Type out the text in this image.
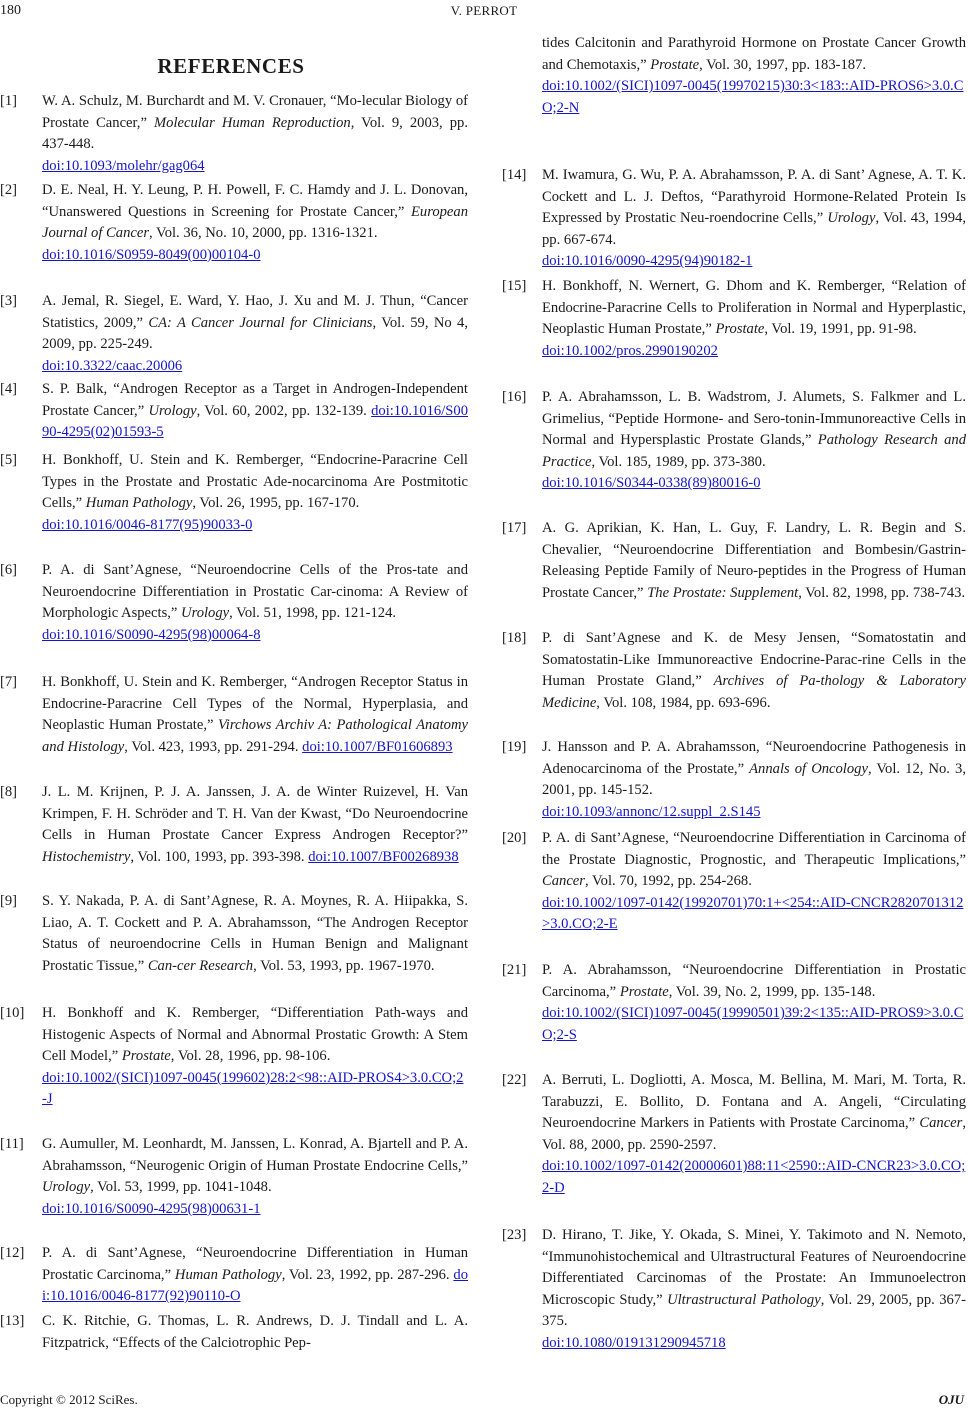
180	V. PERROT
REFERENCES
[1] W. A. Schulz, M. Burchardt and M. V. Cronauer, “Mo-lecular Biology of Prostate Cancer,” Molecular Human Reproduction, Vol. 9, 2003, pp. 437-448.
doi:10.1093/molehr/gag064
[2] D. E. Neal, H. Y. Leung, P. H. Powell, F. C. Hamdy and J. L. Donovan, “Unanswered Questions in Screening for Prostate Cancer,” European Journal of Cancer, Vol. 36, No. 10, 2000, pp. 1316-1321.
doi:10.1016/S0959-8049(00)00104-0
[3] A. Jemal, R. Siegel, E. Ward, Y. Hao, J. Xu and M. J. Thun, “Cancer Statistics, 2009,” CA: A Cancer Journal for Clinicians, Vol. 59, No 4, 2009, pp. 225-249.
doi:10.3322/caac.20006
[4] S. P. Balk, “Androgen Receptor as a Target in Androgen-Independent Prostate Cancer,” Urology, Vol. 60, 2002, pp. 132-139. doi:10.1016/S0090-4295(02)01593-5
[5] H. Bonkhoff, U. Stein and K. Remberger, “Endocrine-Paracrine Cell Types in the Prostate and Prostatic Ade-nocarcinoma Are Postmitotic Cells,” Human Pathology, Vol. 26, 1995, pp. 167-170.
doi:10.1016/0046-8177(95)90033-0
[6] P. A. di Sant’Agnese, “Neuroendocrine Cells of the Pros-tate and Neuroendocrine Differentiation in Prostatic Car-cinoma: A Review of Morphologic Aspects,” Urology, Vol. 51, 1998, pp. 121-124.
doi:10.1016/S0090-4295(98)00064-8
[7] H. Bonkhoff, U. Stein and K. Remberger, “Androgen Receptor Status in Endocrine-Paracrine Cell Types of the Normal, Hyperplasia, and Neoplastic Human Prostate,” Virchows Archiv A: Pathological Anatomy and Histology, Vol. 423, 1993, pp. 291-294. doi:10.1007/BF01606893
[8] J. L. M. Krijnen, P. J. A. Janssen, J. A. de Winter Ruizevel, H. Van Krimpen, F. H. Schröder and T. H. Van der Kwast, “Do Neuroendocrine Cells in Human Prostate Cancer Express Androgen Receptor?” Histochemistry, Vol. 100, 1993, pp. 393-398. doi:10.1007/BF00268938
[9] S. Y. Nakada, P. A. di Sant’Agnese, R. A. Moynes, R. A. Hiipakka, S. Liao, A. T. Cockett and P. A. Abrahamsson, “The Androgen Receptor Status of neuroendocrine Cells in Human Benign and Malignant Prostatic Tissue,” Can-cer Research, Vol. 53, 1993, pp. 1967-1970.
[10] H. Bonkhoff and K. Remberger, “Differentiation Path-ways and Histogenic Aspects of Normal and Abnormal Prostatic Growth: A Stem Cell Model,” Prostate, Vol. 28, 1996, pp. 98-106.
doi:10.1002/(SICI)1097-0045(199602)28:2<98::AID-PROS4>3.0.CO;2-J
[11] G. Aumuller, M. Leonhardt, M. Janssen, L. Konrad, A. Bjartell and P. A. Abrahamsson, “Neurogenic Origin of Human Prostate Endocrine Cells,” Urology, Vol. 53, 1999, pp. 1041-1048.
doi:10.1016/S0090-4295(98)00631-1
[12] P. A. di Sant’Agnese, “Neuroendocrine Differentiation in Human Prostatic Carcinoma,” Human Pathology, Vol. 23, 1992, pp. 287-296. doi:10.1016/0046-8177(92)90110-O
[13] C. K. Ritchie, G. Thomas, L. R. Andrews, D. J. Tindall and L. A. Fitzpatrick, “Effects of the Calciotrophic Pep-
tides Calcitonin and Parathyroid Hormone on Prostate Cancer Growth and Chemotaxis,” Prostate, Vol. 30, 1997, pp. 183-187.
doi:10.1002/(SICI)1097-0045(19970215)30:3<183::AID-PROS6>3.0.CO;2-N
[14] M. Iwamura, G. Wu, P. A. Abrahamsson, P. A. di Sant’ Agnese, A. T. K. Cockett and L. J. Deftos, “Parathyroid Hormone-Related Protein Is Expressed by Prostatic Neu-roendocrine Cells,” Urology, Vol. 43, 1994, pp. 667-674.
doi:10.1016/0090-4295(94)90182-1
[15] H. Bonkhoff, N. Wernert, G. Dhom and K. Remberger, “Relation of Endocrine-Paracrine Cells to Proliferation in Normal and Hyperplastic, Neoplastic Human Prostate,” Prostate, Vol. 19, 1991, pp. 91-98.
doi:10.1002/pros.2990190202
[16] P. A. Abrahamsson, L. B. Wadstrom, J. Alumets, S. Falkmer and L. Grimelius, “Peptide Hormone- and Sero-tonin-Immunoreactive Cells in Normal and Hypersplastic Prostate Glands,” Pathology Research and Practice, Vol. 185, 1989, pp. 373-380.
doi:10.1016/S0344-0338(89)80016-0
[17] A. G. Aprikian, K. Han, L. Guy, F. Landry, L. R. Begin and S. Chevalier, “Neuroendocrine Differentiation and Bombesin/Gastrin-Releasing Peptide Family of Neuro-peptides in the Progress of Human Prostate Cancer,” The Prostate: Supplement, Vol. 82, 1998, pp. 738-743.
[18] P. di Sant’Agnese and K. de Mesy Jensen, “Somatostatin and Somatostatin-Like Immunoreactive Endocrine-Parac-rine Cells in the Human Prostate Gland,” Archives of Pa-thology & Laboratory Medicine, Vol. 108, 1984, pp. 693-696.
[19] J. Hansson and P. A. Abrahamsson, “Neuroendocrine Pathogenesis in Adenocarcinoma of the Prostate,” Annals of Oncology, Vol. 12, No. 3, 2001, pp. 145-152.
doi:10.1093/annonc/12.suppl_2.S145
[20] P. A. di Sant’Agnese, “Neuroendocrine Differentiation in Carcinoma of the Prostate Diagnostic, Prognostic, and Therapeutic Implications,” Cancer, Vol. 70, 1992, pp. 254-268.
doi:10.1002/1097-0142(19920701)70:1+<254::AID-CNCR2820701312>3.0.CO;2-E
[21] P. A. Abrahamsson, “Neuroendocrine Differentiation in Prostatic Carcinoma,” Prostate, Vol. 39, No. 2, 1999, pp. 135-148.
doi:10.1002/(SICI)1097-0045(19990501)39:2<135::AID-PROS9>3.0.CO;2-S
[22] A. Berruti, L. Dogliotti, A. Mosca, M. Bellina, M. Mari, M. Torta, R. Tarabuzzi, E. Bollito, D. Fontana and A. Angeli, “Circulating Neuroendocrine Markers in Patients with Prostate Carcinoma,” Cancer, Vol. 88, 2000, pp. 2590-2597.
doi:10.1002/1097-0142(20000601)88:11<2590::AID-CNCR23>3.0.CO;2-D
[23] D. Hirano, T. Jike, Y. Okada, S. Minei, Y. Takimoto and N. Nemoto, “Immunohistochemical and Ultrastructural Features of Neuroendocrine Differentiated Carcinomas of the Prostate: An Immunoelectron Microscopic Study,” Ultrastructural Pathology, Vol. 29, 2005, pp. 367-375.
doi:10.1080/019131290945718
Copyright © 2012 SciRes.	OJU
